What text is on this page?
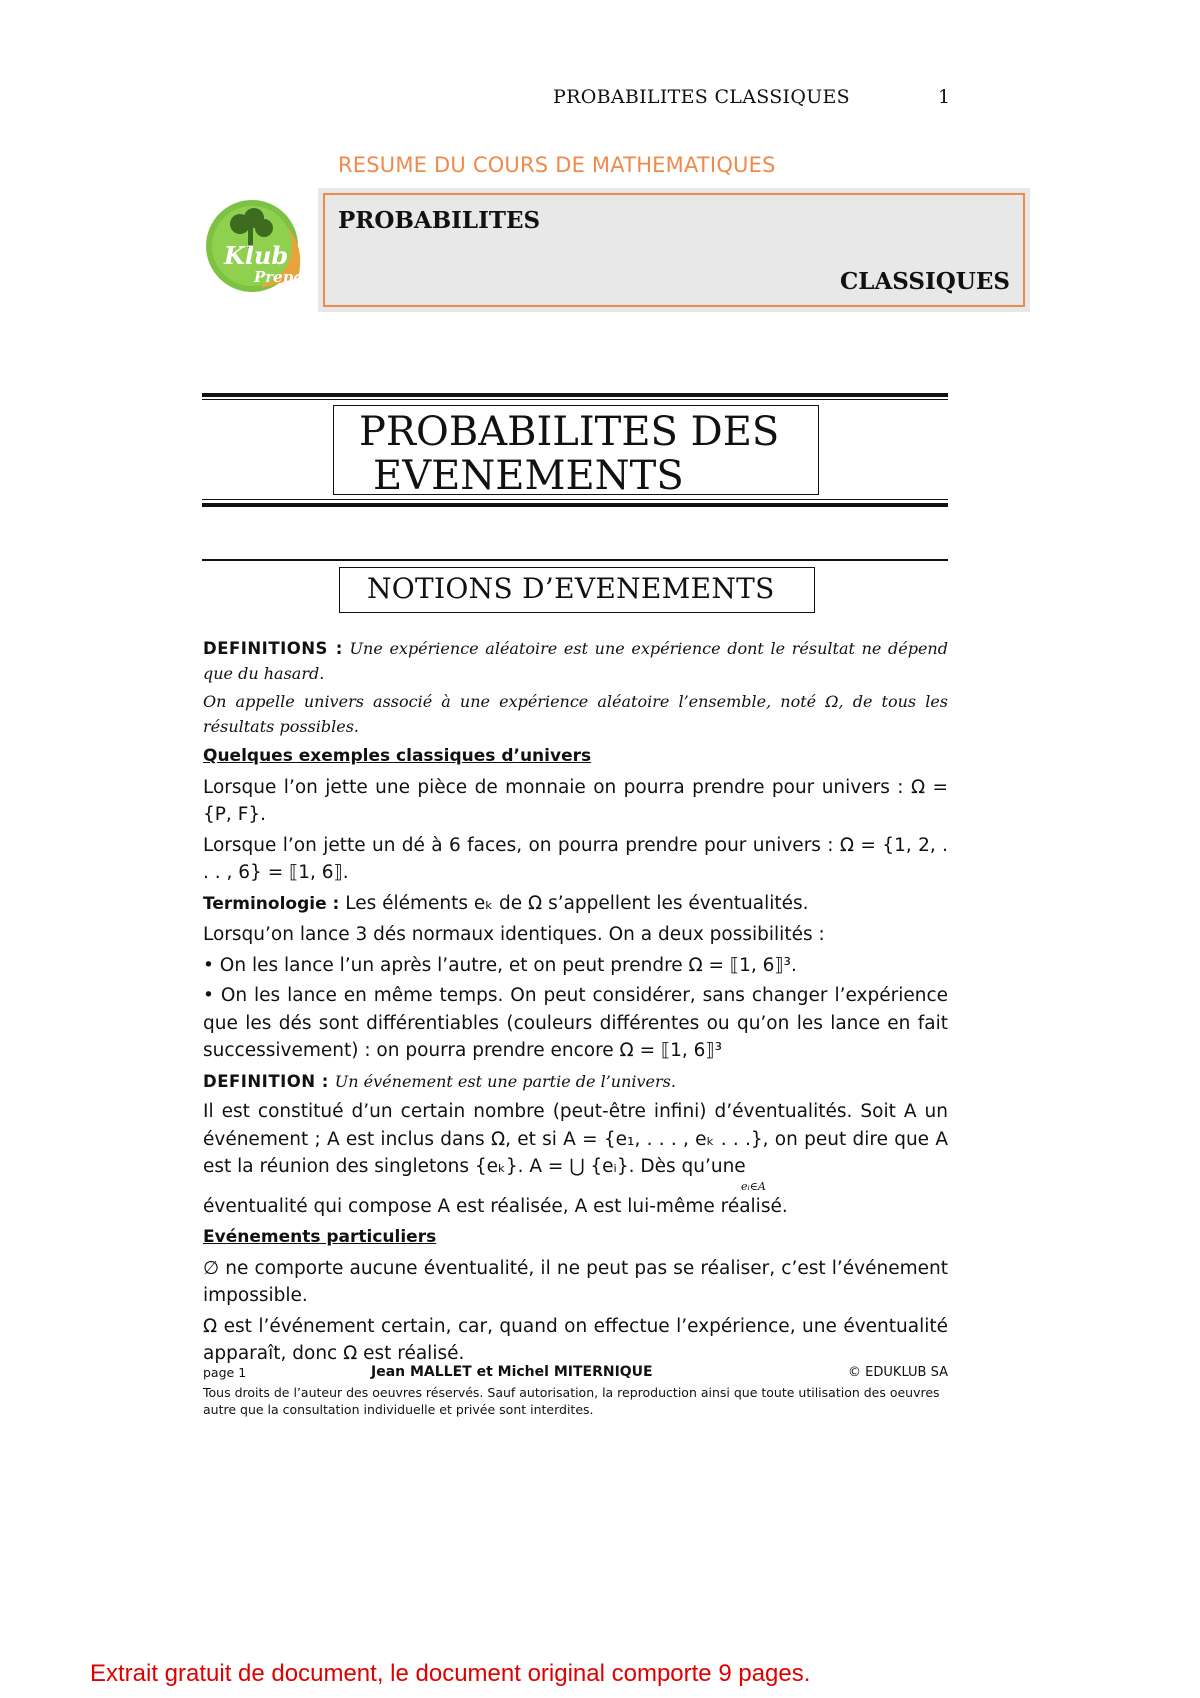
PROBABILITES CLASSIQUES	1
RESUME DU COURS DE MATHEMATIQUES
Klub
Prepa
PROBABILITES
CLASSIQUES
PROBABILITES DES
EVENEMENTS
NOTIONS D’EVENEMENTS

DEFINITIONS : Une expérience aléatoire est une expérience dont le résultat ne dépend que du hasard.

On appelle univers associé à une expérience aléatoire l’ensemble, noté Ω, de tous les résultats possibles.

Quelques exemples classiques d’univers

Lorsque l’on jette une pièce de monnaie on pourra prendre pour univers : Ω = {P, F}.

Lorsque l’on jette un dé à 6 faces, on pourra prendre pour univers : Ω = {1, 2, . . . , 6} = ⟦1, 6⟧.

Terminologie : Les éléments eₖ de Ω s’appellent les éventualités.

Lorsqu’on lance 3 dés normaux identiques. On a deux possibilités :

• On les lance l’un après l’autre, et on peut prendre Ω = ⟦1, 6⟧³.

• On les lance en même temps. On peut considérer, sans changer l’expérience que les dés sont différentiables (couleurs différentes ou qu’on les lance en fait successivement) : on pourra prendre encore Ω = ⟦1, 6⟧³

DEFINITION : Un événement est une partie de l’univers.

Il est constitué d’un certain nombre (peut-être infini) d’éventualités. Soit A un événement ; A est inclus dans Ω, et si A = {e₁, . . . , eₖ . . .}, on peut dire que A est la réunion des singletons {eₖ}. A = ⋃ {eᵢ}. Dès qu’une

eᵢ∈A

éventualité qui compose A est réalisée, A est lui-même réalisé.

Evénements particuliers

∅ ne comporte aucune éventualité, il ne peut pas se réaliser, c’est l’événement impossible.

Ω est l’événement certain, car, quand on effectue l’expérience, une éventualité apparaît, donc Ω est réalisé.

page 1	Jean MALLET et Michel MITERNIQUE	© EDUKLUB SA
Tous droits de l’auteur des oeuvres réservés. Sauf autorisation, la reproduction ainsi que toute utilisation des oeuvres autre que la consultation individuelle et privée sont interdites.
Extrait gratuit de document, le document original comporte 9 pages.
